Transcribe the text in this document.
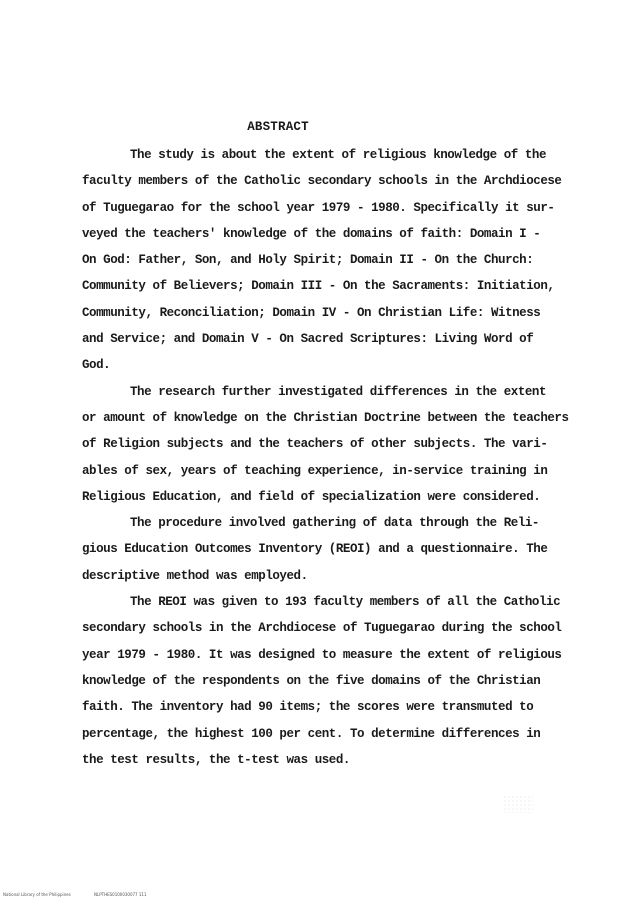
ABSTRACT
The study is about the extent of religious knowledge of the
faculty members of the Catholic secondary schools in the Archdiocese
of Tuguegarao for the school year 1979 - 1980. Specifically it sur-
veyed the teachers' knowledge of the domains of faith: Domain I -
On God: Father, Son, and Holy Spirit; Domain II - On the Church:
Community of Believers; Domain III - On the Sacraments: Initiation,
Community, Reconciliation; Domain IV - On Christian Life: Witness
and Service; and Domain V - On Sacred Scriptures: Living Word of
God.
The research further investigated differences in the extent
or amount of knowledge on the Christian Doctrine between the teachers
of Religion subjects and the teachers of other subjects. The vari-
ables of sex, years of teaching experience, in-service training in
Religious Education, and field of specialization were considered.
The procedure involved gathering of data through the Reli-
gious Education Outcomes Inventory (REOI) and a questionnaire. The
descriptive method was employed.
The REOI was given to 193 faculty members of all the Catholic
secondary schools in the Archdiocese of Tuguegarao during the school
year 1979 - 1980. It was designed to measure the extent of religious
knowledge of the respondents on the five domains of the Christian
faith. The inventory had 90 items; the scores were transmuted to
percentage, the highest 100 per cent. To determine differences in
the test results, the t-test was used.
National Library of the Philippines	NLPTHES0100030077 111
